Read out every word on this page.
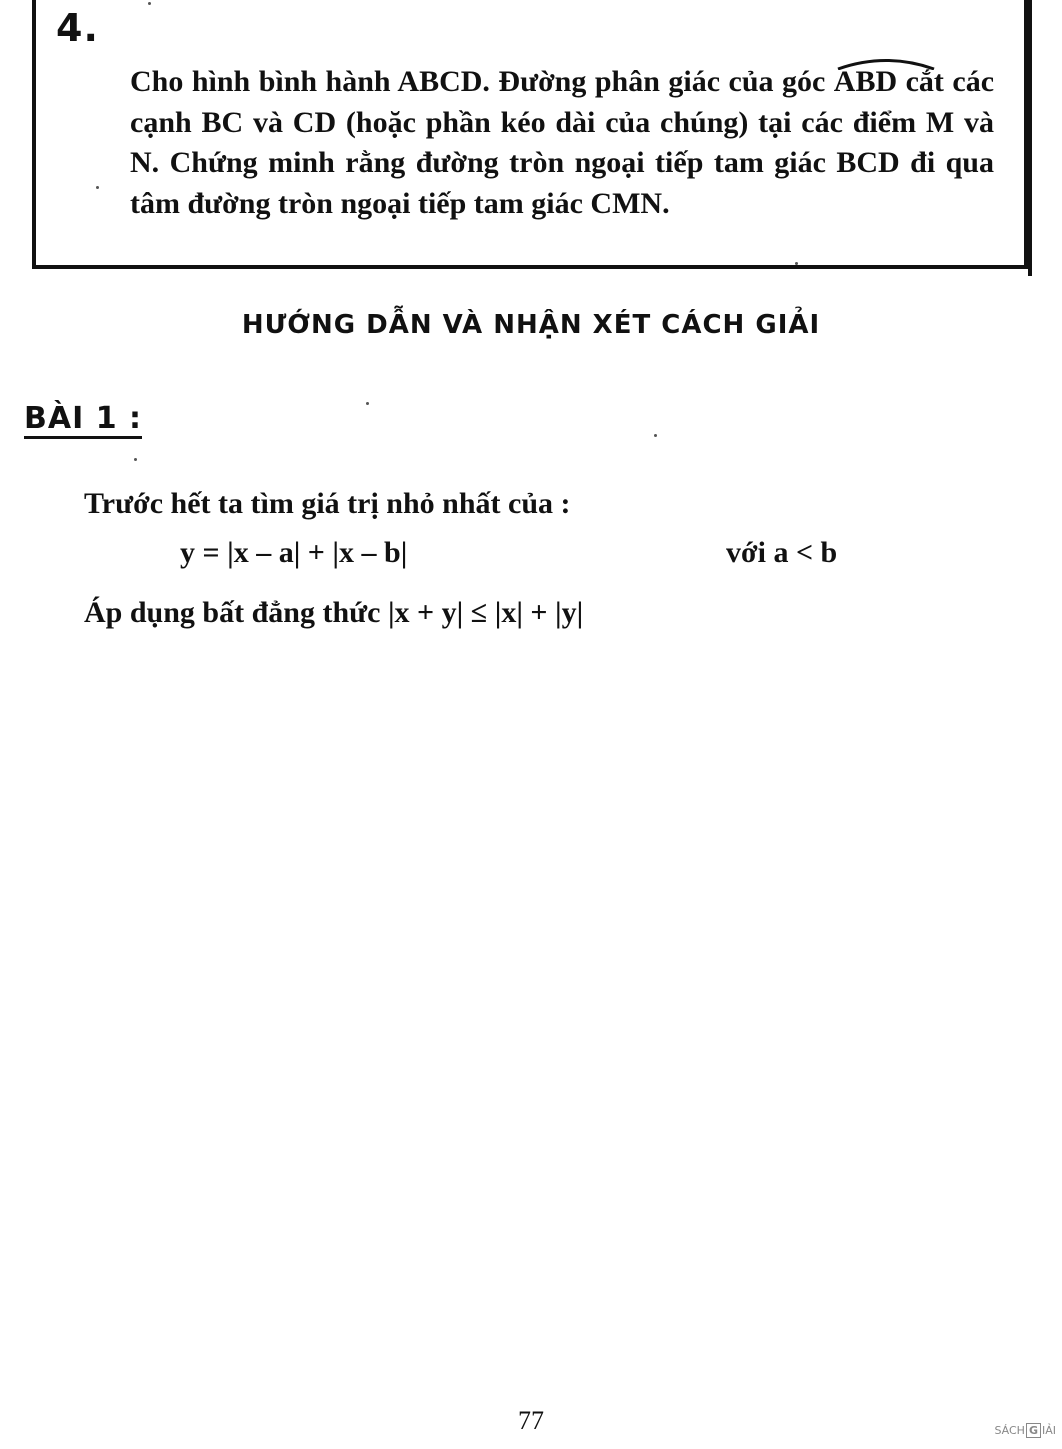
4.
Cho hình bình hành ABCD. Đường phân giác của góc ABD cắt các cạnh BC và CD (hoặc phần kéo dài của chúng) tại các điểm M và N. Chứng minh rằng đường tròn ngoại tiếp tam giác BCD đi qua tâm đường tròn ngoại tiếp tam giác CMN.
HƯỚNG DẪN VÀ NHẬN XÉT CÁCH GIẢI
BÀI 1 :
Trước hết ta tìm giá trị nhỏ nhất của :
y = |x – a| + |x – b|	với a < b
Áp dụng bất đẳng thức |x + y| ≤ |x| + |y|
77	SÁCH G IẢI
